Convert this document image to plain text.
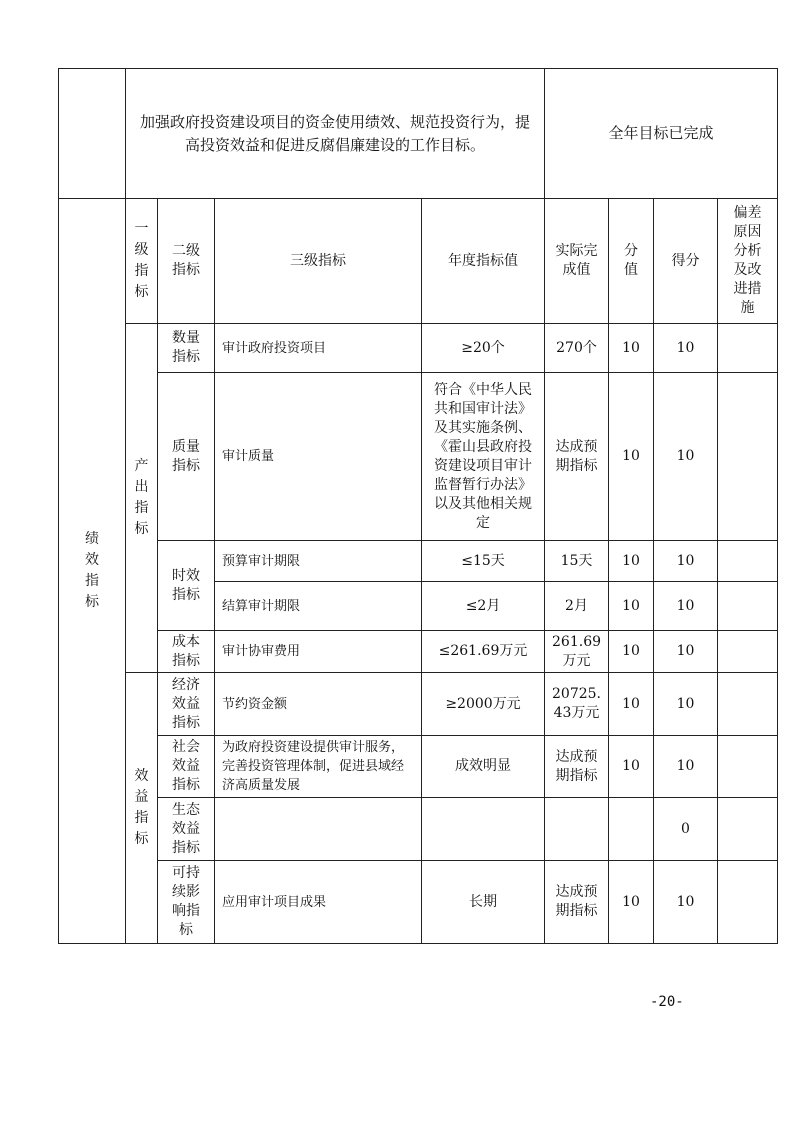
	加强政府投资建设项目的资金使用绩效、规范投资行为，提高投资效益和促进反腐倡廉建设的工作目标。				全年目标已完成			
绩效指标	一级指标	二级指标	三级指标	年度指标值	实际完成值	分值	得分	偏差原因分析及改进措施
	产出指标	数量指标	审计政府投资项目	≥20个	270个	10	10	
		质量指标	审计质量	符合《中华人民共和国审计法》及其实施条例、《霍山县政府投资建设项目审计监督暂行办法》以及其他相关规定	达成预期指标	10	10	
		时效指标	预算审计期限	≤15天	15天	10	10	
			结算审计期限	≤2月	2月	10	10	
		成本指标	审计协审费用	≤261.69万元	261.69万元	10	10	
	效益指标	经济效益指标	节约资金额	≥2000万元	20725.43万元	10	10	
		社会效益指标	为政府投资建设提供审计服务，完善投资管理体制，促进县域经济高质量发展	成效明显	达成预期指标	10	10	
		生态效益指标					0	
		可持续影响指标	应用审计项目成果	长期	达成预期指标	10	10	
-20-
